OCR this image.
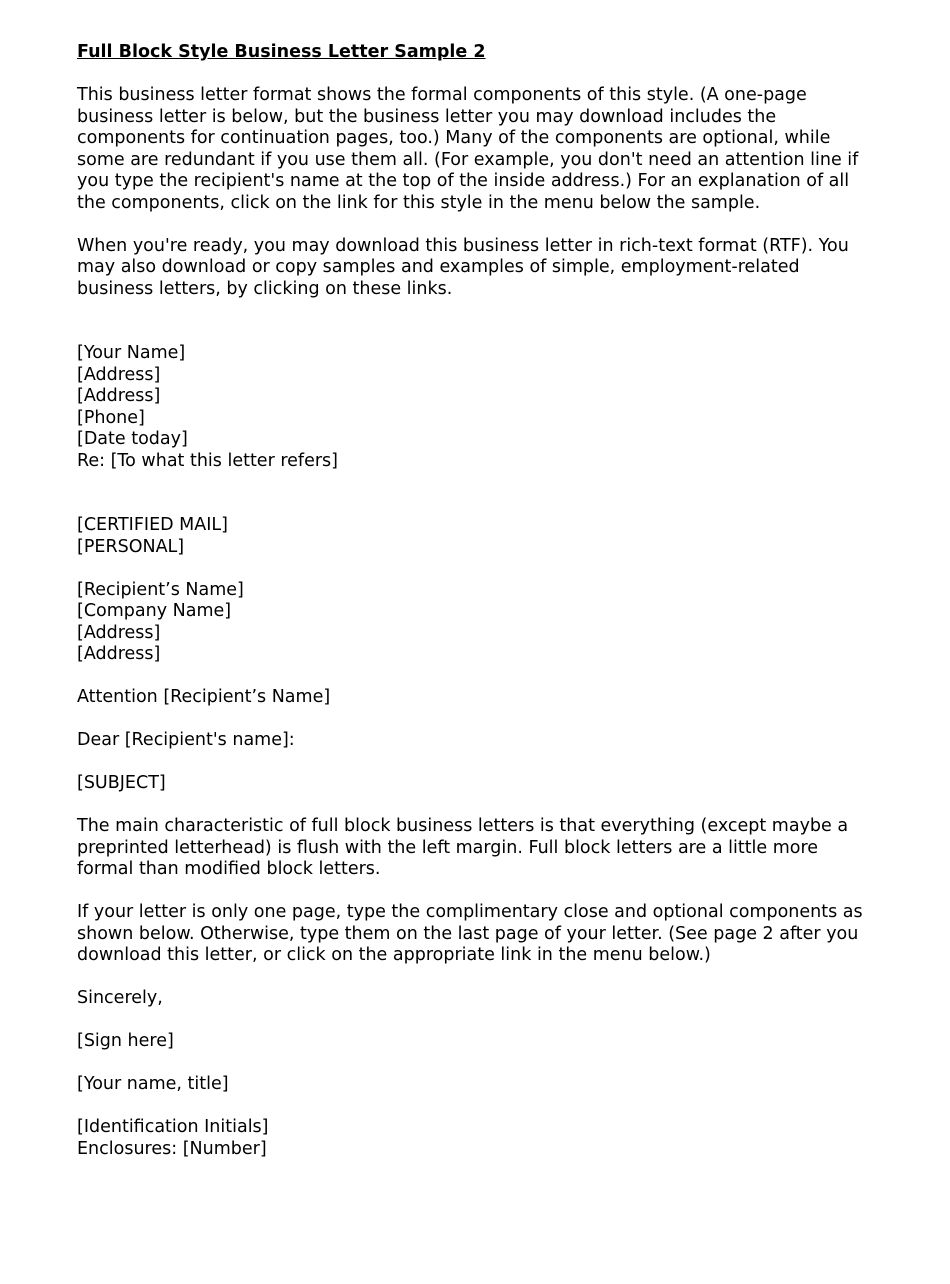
Full Block Style Business Letter Sample 2
This business letter format shows the formal components of this style. (A one-page business letter is below, but the business letter you may download includes the components for continuation pages, too.) Many of the components are optional, while some are redundant if you use them all. (For example, you don't need an attention line if you type the recipient's name at the top of the inside address.) For an explanation of all the components, click on the link for this style in the menu below the sample.
When you're ready, you may download this business letter in rich-text format (RTF). You may also download or copy samples and examples of simple, employment-related business letters, by clicking on these links.
[Your Name]
[Address]
[Address]
[Phone]
[Date today]
Re: [To what this letter refers]
[CERTIFIED MAIL]
[PERSONAL]
[Recipient’s Name]
[Company Name]
[Address]
[Address]
Attention [Recipient’s Name]
Dear [Recipient's name]:
[SUBJECT]
The main characteristic of full block business letters is that everything (except maybe a preprinted letterhead) is flush with the left margin. Full block letters are a little more formal than modified block letters.
If your letter is only one page, type the complimentary close and optional components as shown below. Otherwise, type them on the last page of your letter. (See page 2 after you download this letter, or click on the appropriate link in the menu below.)
Sincerely,
[Sign here]
[Your name, title]
[Identification Initials]
Enclosures: [Number]
